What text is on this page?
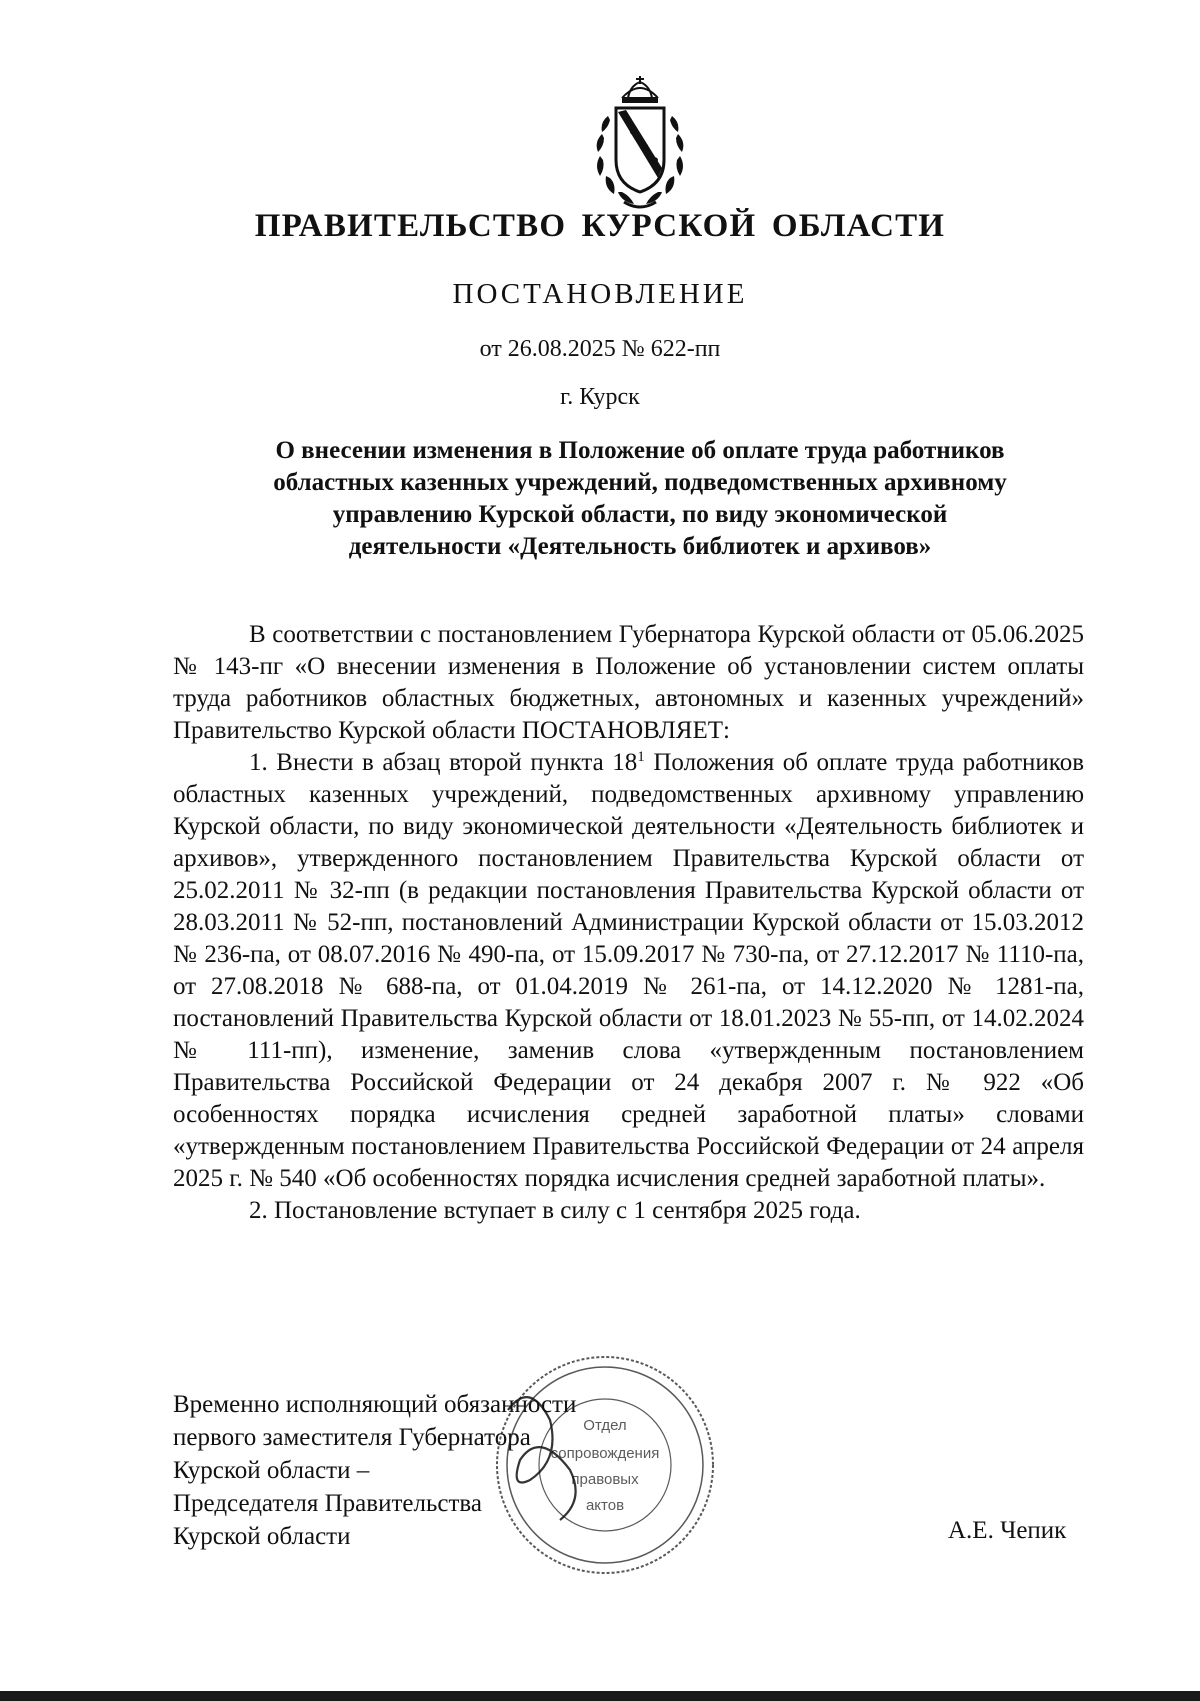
ПРАВИТЕЛЬСТВО КУРСКОЙ ОБЛАСТИ
ПОСТАНОВЛЕНИЕ
от 26.08.2025 № 622-пп
г. Курск
О внесении изменения в Положение об оплате труда работников
областных казенных учреждений, подведомственных архивному
управлению Курской области, по виду экономической
деятельности «Деятельность библиотек и архивов»

В соответствии с постановлением Губернатора Курской области от 05.06.2025 № 143-пг «О внесении изменения в Положение об установлении систем оплаты труда работников областных бюджетных, автономных и казенных учреждений» Правительство Курской области ПОСТАНОВЛЯЕТ:

1. Внести в абзац второй пункта $18^1$ Положения об оплате труда работников областных казенных учреждений, подведомственных архивному управлению Курской области, по виду экономической деятельности «Деятельность библиотек и архивов», утвержденного постановлением Правительства Курской области от 25.02.2011 № 32-пп (в редакции постановления Правительства Курской области от 28.03.2011 № 52-пп, постановлений Администрации Курской области от 15.03.2012 № 236-па, от 08.07.2016 № 490-па, от 15.09.2017 № 730-па, от 27.12.2017 № 1110-па, от 27.08.2018 № 688-па, от 01.04.2019 № 261-па, от 14.12.2020 № 1281-па, постановлений Правительства Курской области от 18.01.2023 № 55-пп, от 14.02.2024 № 111-пп), изменение, заменив слова «утвержденным постановлением Правительства Российской Федерации от 24 декабря 2007 г. № 922 «Об особенностях порядка исчисления средней заработной платы» словами «утвержденным постановлением Правительства Российской Федерации от 24 апреля 2025 г. № 540 «Об особенностях порядка исчисления средней заработной платы».

2. Постановление вступает в силу с 1 сентября 2025 года.

Временно исполняющий обязанности
первого заместителя Губернатора
Курской области –
Председателя Правительства
Курской области	А.Е. Чепик
Отдел
сопровождения
правовых
актов
